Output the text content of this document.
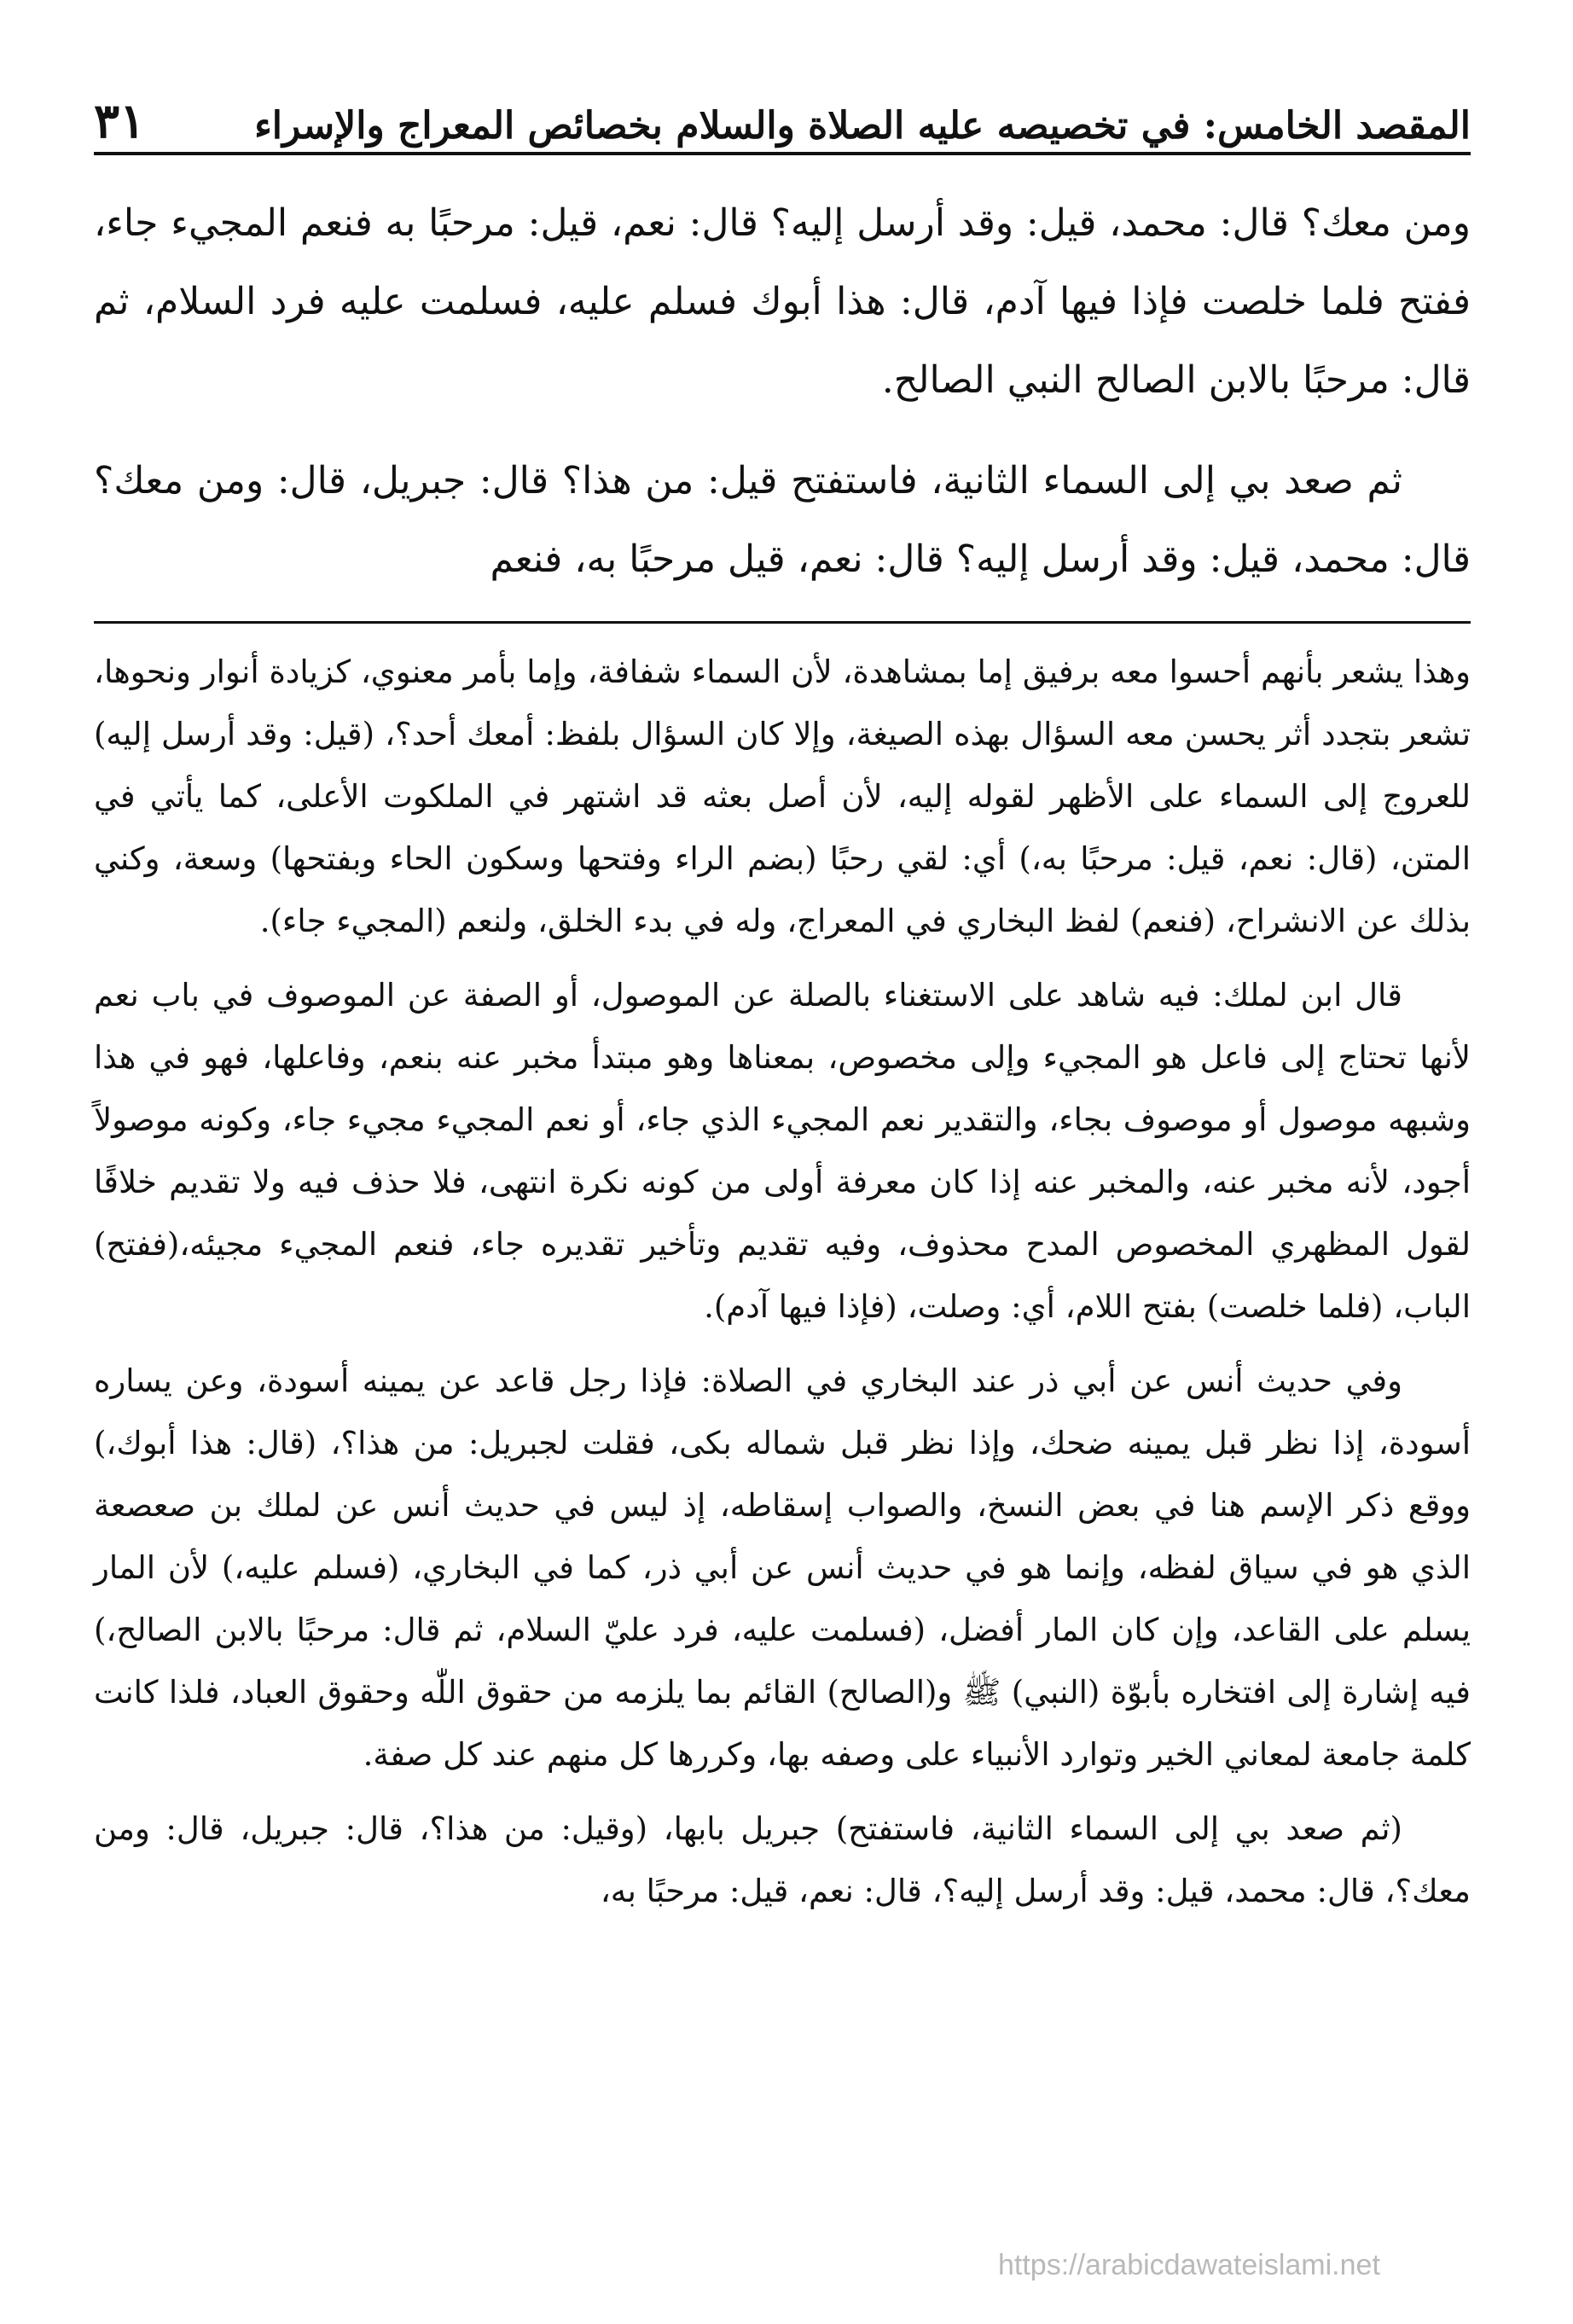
المقصد الخامس: في تخصيصه عليه الصلاة والسلام بخصائص المعراج والإسراء
٣١

ومن معك؟ قال: محمد، قيل: وقد أرسل إليه؟ قال: نعم، قيل: مرحبًا به فنعم المجيء جاء، ففتح فلما خلصت فإذا فيها آدم، قال: هذا أبوك فسلم عليه، فسلمت عليه فرد السلام، ثم قال: مرحبًا بالابن الصالح النبي الصالح.

ثم صعد بي إلى السماء الثانية، فاستفتح قيل: من هذا؟ قال: جبريل، قال: ومن معك؟ قال: محمد، قيل: وقد أرسل إليه؟ قال: نعم، قيل مرحبًا به، فنعم

وهذا يشعر بأنهم أحسوا معه برفيق إما بمشاهدة، لأن السماء شفافة، وإما بأمر معنوي، كزيادة أنوار ونحوها، تشعر بتجدد أثر يحسن معه السؤال بهذه الصيغة، وإلا كان السؤال بلفظ: أمعك أحد؟، (قيل: وقد أرسل إليه) للعروج إلى السماء على الأظهر لقوله إليه، لأن أصل بعثه قد اشتهر في الملكوت الأعلى، كما يأتي في المتن، (قال: نعم، قيل: مرحبًا به،) أي: لقي رحبًا (بضم الراء وفتحها وسكون الحاء وبفتحها) وسعة، وكني بذلك عن الانشراح، (فنعم) لفظ البخاري في المعراج، وله في بدء الخلق، ولنعم (المجيء جاء).

قال ابن لملك: فيه شاهد على الاستغناء بالصلة عن الموصول، أو الصفة عن الموصوف في باب نعم لأنها تحتاج إلى فاعل هو المجيء وإلى مخصوص، بمعناها وهو مبتدأ مخبر عنه بنعم، وفاعلها، فهو في هذا وشبهه موصول أو موصوف بجاء، والتقدير نعم المجيء الذي جاء، أو نعم المجيء مجيء جاء، وكونه موصولاً أجود، لأنه مخبر عنه، والمخبر عنه إذا كان معرفة أولى من كونه نكرة انتهى، فلا حذف فيه ولا تقديم خلافًا لقول المظهري المخصوص المدح محذوف، وفيه تقديم وتأخير تقديره جاء، فنعم المجيء مجيئه،(ففتح) الباب، (فلما خلصت) بفتح اللام، أي: وصلت، (فإذا فيها آدم).

وفي حديث أنس عن أبي ذر عند البخاري في الصلاة: فإذا رجل قاعد عن يمينه أسودة، وعن يساره أسودة، إذا نظر قبل يمينه ضحك، وإذا نظر قبل شماله بكى، فقلت لجبريل: من هذا؟، (قال: هذا أبوك،) ووقع ذكر الإسم هنا في بعض النسخ، والصواب إسقاطه، إذ ليس في حديث أنس عن لملك بن صعصعة الذي هو في سياق لفظه، وإنما هو في حديث أنس عن أبي ذر، كما في البخاري، (فسلم عليه،) لأن المار يسلم على القاعد، وإن كان المار أفضل، (فسلمت عليه، فرد عليّ السلام، ثم قال: مرحبًا بالابن الصالح،) فيه إشارة إلى افتخاره بأبوّة (النبي) ﷺ و(الصالح) القائم بما يلزمه من حقوق اللّٰه وحقوق العباد، فلذا كانت كلمة جامعة لمعاني الخير وتوارد الأنبياء على وصفه بها، وكررها كل منهم عند كل صفة.

(ثم صعد بي إلى السماء الثانية، فاستفتح) جبريل بابها، (وقيل: من هذا؟، قال: جبريل، قال: ومن معك؟، قال: محمد، قيل: وقد أرسل إليه؟، قال: نعم، قيل: مرحبًا به،

https://arabicdawateislami.net
